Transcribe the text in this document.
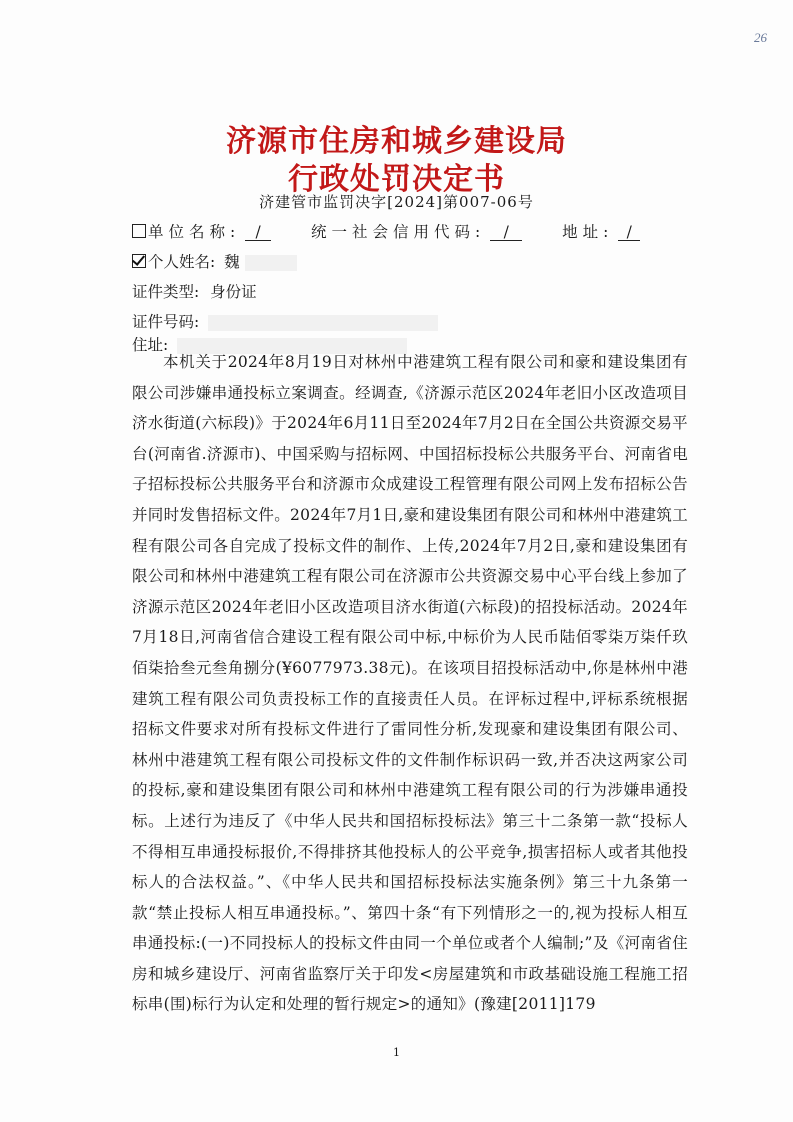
26
济源市住房和城乡建设局
行政处罚决定书
济建管市监罚决字[2024]第007-06号
单位名称: /	统一社会信用代码: /	地址: /
个人姓名: 魏
证件类型: 身份证
证件号码:
住址:
本机关于2024年8月19日对林州中港建筑工程有限公司和豪和建设集团有限公司涉嫌串通投标立案调查。经调查,《济源示范区2024年老旧小区改造项目济水街道(六标段)》于2024年6月11日至2024年7月2日在全国公共资源交易平台(河南省.济源市)、中国采购与招标网、中国招标投标公共服务平台、河南省电子招标投标公共服务平台和济源市众成建设工程管理有限公司网上发布招标公告并同时发售招标文件。2024年7月1日,豪和建设集团有限公司和林州中港建筑工程有限公司各自完成了投标文件的制作、上传,2024年7月2日,豪和建设集团有限公司和林州中港建筑工程有限公司在济源市公共资源交易中心平台线上参加了济源示范区2024年老旧小区改造项目济水街道(六标段)的招投标活动。2024年7月18日,河南省信合建设工程有限公司中标,中标价为人民币陆佰零柒万柒仟玖佰柒拾叁元叁角捌分(¥6077973.38元)。在该项目招投标活动中,你是林州中港建筑工程有限公司负责投标工作的直接责任人员。在评标过程中,评标系统根据招标文件要求对所有投标文件进行了雷同性分析,发现豪和建设集团有限公司、林州中港建筑工程有限公司投标文件的文件制作标识码一致,并否决这两家公司的投标,豪和建设集团有限公司和林州中港建筑工程有限公司的行为涉嫌串通投标。上述行为违反了《中华人民共和国招标投标法》第三十二条第一款“投标人不得相互串通投标报价,不得排挤其他投标人的公平竞争,损害招标人或者其他投标人的合法权益。”、《中华人民共和国招标投标法实施条例》第三十九条第一款“禁止投标人相互串通投标。”、第四十条“有下列情形之一的,视为投标人相互串通投标:(一)不同投标人的投标文件由同一个单位或者个人编制;”及《河南省住房和城乡建设厅、河南省监察厅关于印发<房屋建筑和市政基础设施工程施工招标串(围)标行为认定和处理的暂行规定>的通知》(豫建[2011]179
1
